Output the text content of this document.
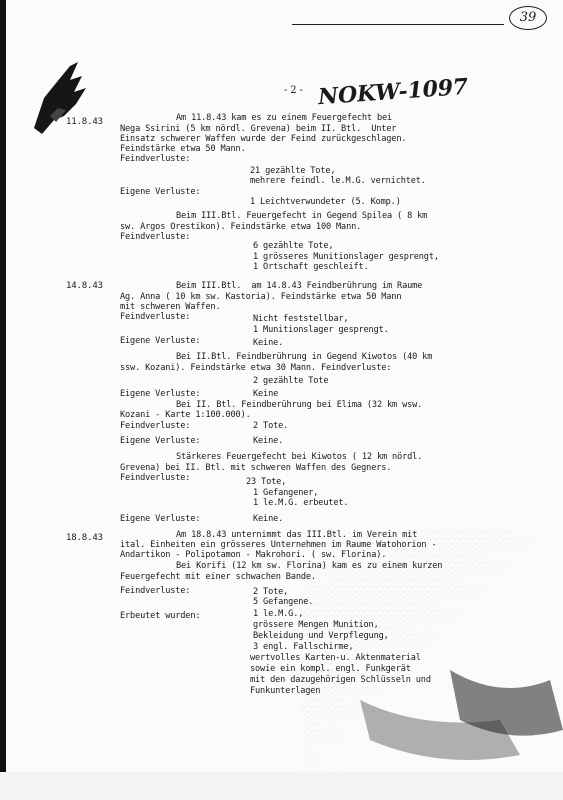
39
- 2 - NOKW-1097
11.8.43
14.8.43
18.8.43
Am 11.8.43 kam es zu einem Feuergefecht bei
Nega Ssirini (5 km nördl. Grevena) beim II. Btl.  Unter
Einsatz schwerer Waffen wurde der Feind zurückgeschlagen.
Feindstärke etwa 50 Mann.
Feindverluste:
21 gezählte Tote,
mehrere feindl. le.M.G. vernichtet.
Eigene Verluste:
1 Leichtverwundeter (5. Komp.)
Beim III.Btl. Feuergefecht in Gegend Spilea ( 8 km
sw. Argos Orestikon). Feindstärke etwa 100 Mann.
Feindverluste:
6 gezählte Tote,
1 grösseres Munitionslager gesprengt,
1 Ortschaft geschleift.
Beim III.Btl.  am 14.8.43 Feindberührung im Raume
Ag. Anna ( 10 km sw. Kastoria). Feindstärke etwa 50 Mann
mit schweren Waffen.
Feindverluste:	Nicht feststellbar,
1 Munitionslager gesprengt.
Eigene Verluste:	Keine.
Bei II.Btl. Feindberührung in Gegend Kiwotos (40 km
ssw. Kozani). Feindstärke etwa 30 Mann. Feindverluste:
2 gezählte Tote
Eigene Verluste:	Keine
Bei II. Btl. Feindberührung bei Elima (32 km wsw.
Kozani - Karte 1:100.000).
Feindverluste:	2 Tote.
Eigene Verluste:	Keine.
Stärkeres Feuergefecht bei Kiwotos ( 12 km nördl.
Grevena) bei II. Btl. mit schweren Waffen des Gegners.
Feindverluste:	23 Tote,
1 Gefangener,
1 le.M.G. erbeutet.
Eigene Verluste:	Keine.
Am 18.8.43 unternimmt das III.Btl. im Verein mit
ital. Einheiten ein grösseres Unternehmen im Raume Watohorion -
Andartikon - Polipotamon - Makrohori. ( sw. Florina).
Bei Korifi (12 km sw. Florina) kam es zu einem kurzen
Feuergefecht mit einer schwachen Bande.
Feindverluste:	2 Tote,
5 Gefangene.
Erbeutet wurden:	1 le.M.G.,
grössere Mengen Munition,
Bekleidung und Verpflegung,
3 engl. Fallschirme,
wertvolles Karten-u. Aktenmaterial
sowie ein kompl. engl. Funkgerät
mit den dazugehörigen Schlüsseln und
Funkunterlagen
